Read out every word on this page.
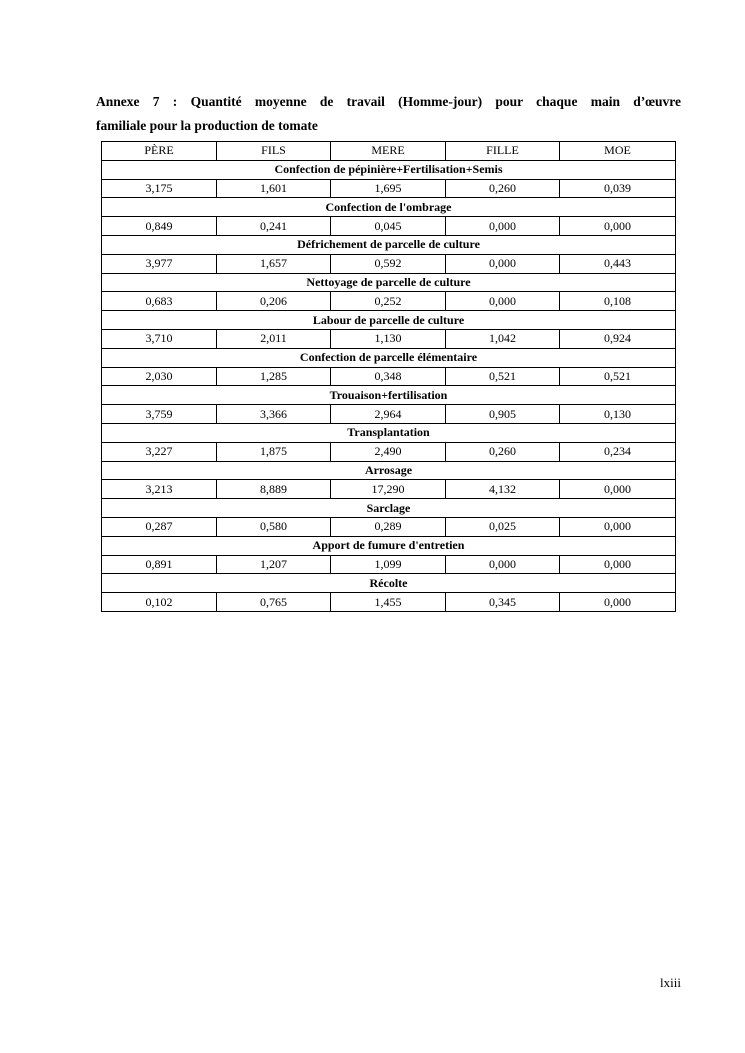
Annexe 7 : Quantité moyenne de travail (Homme-jour) pour chaque main d’œuvre
familiale pour la production de tomate
PÈRE	FILS	MERE	FILLE	MOE
Confection de pépinière+Fertilisation+Semis				
3,175	1,601	1,695	0,260	0,039
Confection de l'ombrage				
0,849	0,241	0,045	0,000	0,000
Défrichement de parcelle de culture				
3,977	1,657	0,592	0,000	0,443
Nettoyage de parcelle de culture				
0,683	0,206	0,252	0,000	0,108
Labour de parcelle de culture				
3,710	2,011	1,130	1,042	0,924
Confection de parcelle élémentaire				
2,030	1,285	0,348	0,521	0,521
Trouaison+fertilisation				
3,759	3,366	2,964	0,905	0,130
Transplantation				
3,227	1,875	2,490	0,260	0,234
Arrosage				
3,213	8,889	17,290	4,132	0,000
Sarclage				
0,287	0,580	0,289	0,025	0,000
Apport de fumure d'entretien				
0,891	1,207	1,099	0,000	0,000
Récolte				
0,102	0,765	1,455	0,345	0,000
lxiii
